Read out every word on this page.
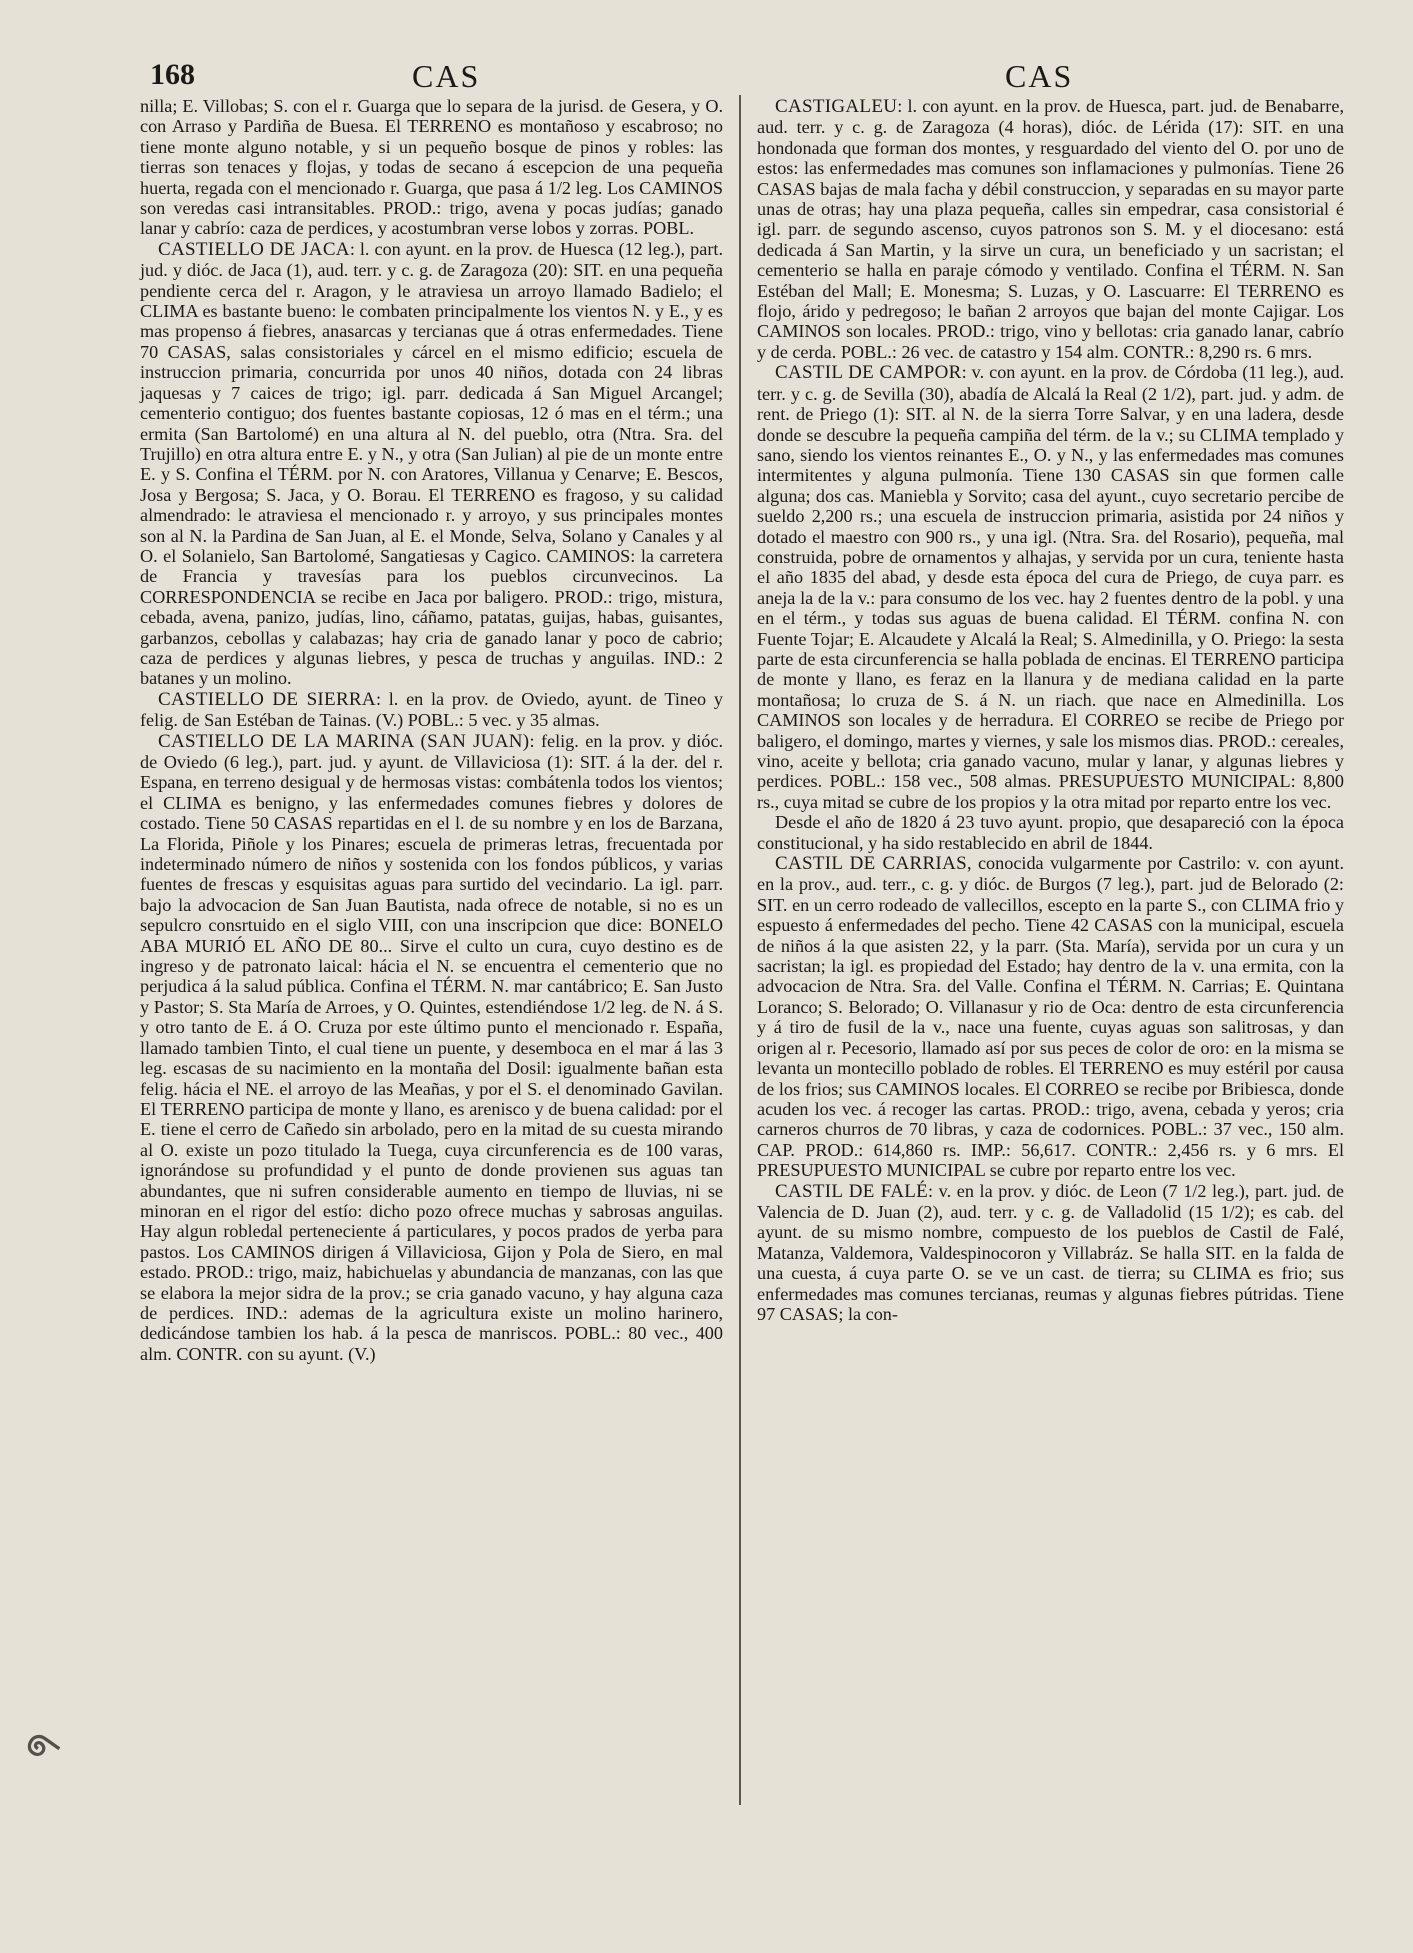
168	CAS	CAS

nilla; E. Villobas; S. con el r. Guarga que lo separa de la jurisd. de Gesera, y O. con Arraso y Pardiña de Buesa. El TERRENO es montañoso y escabroso; no tiene monte alguno notable, y si un pequeño bosque de pinos y robles: las tierras son tenaces y flojas, y todas de secano á escepcion de una pequeña huerta, regada con el mencionado r. Guarga, que pasa á 1/2 leg. Los CAMINOS son veredas casi intransitables. PROD.: trigo, avena y pocas judías; ganado lanar y cabrío: caza de perdices, y acostumbran verse lobos y zorras. POBL.

CASTIELLO DE JACA: l. con ayunt. en la prov. de Huesca (12 leg.), part. jud. y dióc. de Jaca (1), aud. terr. y c. g. de Zaragoza (20): SIT. en una pequeña pendiente cerca del r. Aragon, y le atraviesa un arroyo llamado Badielo; el CLIMA es bastante bueno: le combaten principalmente los vientos N. y E., y es mas propenso á fiebres, anasarcas y tercianas que á otras enfermedades. Tiene 70 CASAS, salas consistoriales y cárcel en el mismo edificio; escuela de instruccion primaria, concurrida por unos 40 niños, dotada con 24 libras jaquesas y 7 caices de trigo; igl. parr. dedicada á San Miguel Arcangel; cementerio contiguo; dos fuentes bastante copiosas, 12 ó mas en el térm.; una ermita (San Bartolomé) en una altura al N. del pueblo, otra (Ntra. Sra. del Trujillo) en otra altura entre E. y N., y otra (San Julian) al pie de un monte entre E. y S. Confina el TÉRM. por N. con Aratores, Villanua y Cenarve; E. Bescos, Josa y Bergosa; S. Jaca, y O. Borau. El TERRENO es fragoso, y su calidad almendrado: le atraviesa el mencionado r. y arroyo, y sus principales montes son al N. la Pardina de San Juan, al E. el Monde, Selva, Solano y Canales y al O. el Solanielo, San Bartolomé, Sangatiesas y Cagico. CAMINOS: la carretera de Francia y travesías para los pueblos circunvecinos. La CORRESPONDENCIA se recibe en Jaca por baligero. PROD.: trigo, mistura, cebada, avena, panizo, judías, lino, cáñamo, patatas, guijas, habas, guisantes, garbanzos, cebollas y calabazas; hay cria de ganado lanar y poco de cabrio; caza de perdices y algunas liebres, y pesca de truchas y anguilas. IND.: 2 batanes y un molino.

CASTIELLO DE SIERRA: l. en la prov. de Oviedo, ayunt. de Tineo y felig. de San Estéban de Tainas. (V.) POBL.: 5 vec. y 35 almas.

CASTIELLO DE LA MARINA (SAN JUAN): felig. en la prov. y dióc. de Oviedo (6 leg.), part. jud. y ayunt. de Villaviciosa (1): SIT. á la der. del r. Espana, en terreno desigual y de hermosas vistas: combátenla todos los vientos; el CLIMA es benigno, y las enfermedades comunes fiebres y dolores de costado. Tiene 50 CASAS repartidas en el l. de su nombre y en los de Barzana, La Florida, Piñole y los Pinares; escuela de primeras letras, frecuentada por indeterminado número de niños y sostenida con los fondos públicos, y varias fuentes de frescas y esquisitas aguas para surtido del vecindario. La igl. parr. bajo la advocacion de San Juan Bautista, nada ofrece de notable, si no es un sepulcro consrtuido en el siglo VIII, con una inscripcion que dice: BONELO ABA MURIÓ EL AÑO DE 80... Sirve el culto un cura, cuyo destino es de ingreso y de patronato laical: hácia el N. se encuentra el cementerio que no perjudica á la salud pública. Confina el TÉRM. N. mar cantábrico; E. San Justo y Pastor; S. Sta María de Arroes, y O. Quintes, estendiéndose 1/2 leg. de N. á S. y otro tanto de E. á O. Cruza por este último punto el mencionado r. España, llamado tambien Tinto, el cual tiene un puente, y desemboca en el mar á las 3 leg. escasas de su nacimiento en la montaña del Dosil: igualmente bañan esta felig. hácia el NE. el arroyo de las Meañas, y por el S. el denominado Gavilan. El TERRENO participa de monte y llano, es arenisco y de buena calidad: por el E. tiene el cerro de Cañedo sin arbolado, pero en la mitad de su cuesta mirando al O. existe un pozo titulado la Tuega, cuya circunferencia es de 100 varas, ignorándose su profundidad y el punto de donde provienen sus aguas tan abundantes, que ni sufren considerable aumento en tiempo de lluvias, ni se minoran en el rigor del estío: dicho pozo ofrece muchas y sabrosas anguilas. Hay algun robledal perteneciente á particulares, y pocos prados de yerba para pastos. Los CAMINOS dirigen á Villaviciosa, Gijon y Pola de Siero, en mal estado. PROD.: trigo, maiz, habichuelas y abundancia de manzanas, con las que se elabora la mejor sidra de la prov.; se cria ganado vacuno, y hay alguna caza de perdices. IND.: ademas de la agricultura existe un molino harinero, dedicándose tambien los hab. á la pesca de manriscos. POBL.: 80 vec., 400 alm. CONTR. con su ayunt. (V.)

CASTIGALEU: l. con ayunt. en la prov. de Huesca, part. jud. de Benabarre, aud. terr. y c. g. de Zaragoza (4 horas), dióc. de Lérida (17): SIT. en una hondonada que forman dos montes, y resguardado del viento del O. por uno de estos: las enfermedades mas comunes son inflamaciones y pulmonías. Tiene 26 CASAS bajas de mala facha y débil construccion, y separadas en su mayor parte unas de otras; hay una plaza pequeña, calles sin empedrar, casa consistorial é igl. parr. de segundo ascenso, cuyos patronos son S. M. y el diocesano: está dedicada á San Martin, y la sirve un cura, un beneficiado y un sacristan; el cementerio se halla en paraje cómodo y ventilado. Confina el TÉRM. N. San Estéban del Mall; E. Monesma; S. Luzas, y O. Lascuarre: El TERRENO es flojo, árido y pedregoso; le bañan 2 arroyos que bajan del monte Cajigar. Los CAMINOS son locales. PROD.: trigo, vino y bellotas: cria ganado lanar, cabrío y de cerda. POBL.: 26 vec. de catastro y 154 alm. CONTR.: 8,290 rs. 6 mrs.

CASTIL DE CAMPOR: v. con ayunt. en la prov. de Córdoba (11 leg.), aud. terr. y c. g. de Sevilla (30), abadía de Alcalá la Real (2 1/2), part. jud. y adm. de rent. de Priego (1): SIT. al N. de la sierra Torre Salvar, y en una ladera, desde donde se descubre la pequeña campiña del térm. de la v.; su CLIMA templado y sano, siendo los vientos reinantes E., O. y N., y las enfermedades mas comunes intermitentes y alguna pulmonía. Tiene 130 CASAS sin que formen calle alguna; dos cas. Manieblа y Sorvito; casa del ayunt., cuyo secretario percibe de sueldo 2,200 rs.; una escuela de instruccion primaria, asistida por 24 niños y dotado el maestro con 900 rs., y una igl. (Ntra. Sra. del Rosario), pequeña, mal construida, pobre de ornamentos y alhajas, y servida por un cura, teniente hasta el año 1835 del abad, y desde esta época del cura de Priego, de cuya parr. es aneja la de la v.: para consumo de los vec. hay 2 fuentes dentro de la pobl. y una en el térm., y todas sus aguas de buena calidad. El TÉRM. confina N. con Fuente Tojar; E. Alcaudete y Alcalá la Real; S. Almedinilla, y O. Priego: la sesta parte de esta circunferencia se halla poblada de encinas. El TERRENO participa de monte y llano, es feraz en la llanura y de mediana calidad en la parte montañosa; lo cruza de S. á N. un riach. que nace en Almedinilla. Los CAMINOS son locales y de herradura. El CORREO se recibe de Priego por baligero, el domingo, martes y viernes, y sale los mismos dias. PROD.: cereales, vino, aceite y bellota; cria ganado vacuno, mular y lanar, y algunas liebres y perdices. POBL.: 158 vec., 508 almas. PRESUPUESTO MUNICIPAL: 8,800 rs., cuya mitad se cubre de los propios y la otra mitad por reparto entre los vec.

Desde el año de 1820 á 23 tuvo ayunt. propio, que desapareció con la época constitucional, y ha sido restablecido en abril de 1844.

CASTIL DE CARRIAS, conocida vulgarmente por Castrilo: v. con ayunt. en la prov., aud. terr., c. g. y dióc. de Burgos (7 leg.), part. jud de Belorado (2: SIT. en un cerro rodeado de vallecillos, escepto en la parte S., con CLIMA frio y espuesto á enfermedades del pecho. Tiene 42 CASAS con la municipal, escuela de niños á la que asisten 22, y la parr. (Sta. María), servida por un cura y un sacristan; la igl. es propiedad del Estado; hay dentro de la v. una ermita, con la advocacion de Ntra. Sra. del Valle. Confina el TÉRM. N. Carrias; E. Quintana Loranco; S. Belorado; O. Villanasur y rio de Oca: dentro de esta circunferencia y á tiro de fusil de la v., nace una fuente, cuyas aguas son salitrosas, y dan origen al r. Pecesorio, llamado así por sus peces de color de oro: en la misma se levanta un montecillo poblado de robles. El TERRENO es muy estéril por causa de los frios; sus CAMINOS locales. El CORREO se recibe por Bribiesca, donde acuden los vec. á recoger las cartas. PROD.: trigo, avena, cebada y yeros; cria carneros churros de 70 libras, y caza de codornices. POBL.: 37 vec., 150 alm. CAP. PROD.: 614,860 rs. IMP.: 56,617. CONTR.: 2,456 rs. y 6 mrs. El PRESUPUESTO MUNICIPAL se cubre por reparto entre los vec.

CASTIL DE FALÉ: v. en la prov. y dióc. de Leon (7 1/2 leg.), part. jud. de Valencia de D. Juan (2), aud. terr. y c. g. de Valladolid (15 1/2); es cab. del ayunt. de su mismo nombre, compuesto de los pueblos de Castil de Falé, Matanza, Valdemora, Valdespinocoron y Villabráz. Se halla SIT. en la falda de una cuesta, á cuya parte O. se ve un cast. de tierra; su CLIMA es frio; sus enfermedades mas comunes tercianas, reumas y algunas fiebres pútridas. Tiene 97 CASAS; la con-

ᖗ
